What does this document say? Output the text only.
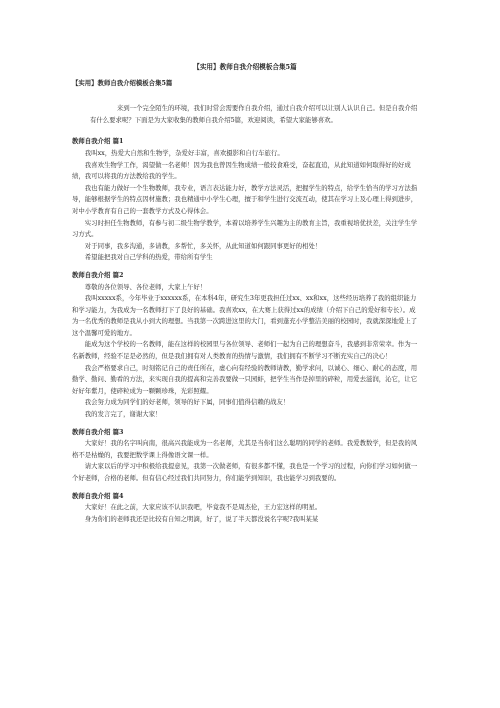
【实用】教师自我介绍模板合集5篇

【实用】教师自我介绍模板合集5篇

来到一个完全陌生的环境，我们时常会需要作自我介绍，通过自我介绍可以让别人认识自己。但是自我介绍有什么要求呢？下面是为大家收集的教师自我介绍5篇，欢迎阅读，希望大家能够喜欢。

教师自我介绍 篇1

我叫xx，热爱大自然和生物学，杂爱好丰富，喜欢摄影和自行车旅行。

我喜欢生物学工作，渴望做一名老师！因为我也曾因生物成绩一般较食难受，奋起直追，从此知道如何取得好的好成绩，我可以将我的方法教给我的学生。

我也有能力做好一个生物教师，我专业，语言表达能力好，教学方法灵活，把握学生的特点，给学生恰当的学习方法指导，能够根据学生的特点因材施教；我也精通中小学生心理，擅于和学生进行交流互动，使其在学习上及心理上得到进步，对中小学教育有自己的一套教学方式及心得体会。

实习时担任生物教师，有参与初二级生物学教学，本着以培养学生兴趣为主的教育主旨，我重视培优扶差，关注学生学习方式。

对于同事，我多沟通，多请教，多帮忙，多关怀，从此知道如何跟同事更好的相处！

希望能把我对自己学科的热爱，带给所有学生

教师自我介绍 篇2

尊敬的各位领导、各位老师，大家上午好！

我叫xxxxx系，今年毕业于xxxxxx系，在本科4年，研究生3年更我担任过xx、xx和xx，这些经历培养了我的组织能力和学习能力，为我成为一名教师打下了良好的基础。我喜欢xx，在大赛上获得过xx的成绩（介绍下自己的爱好和专长）。成为一名优秀的教师是我从小到大的理想。当我第一次跨进这里的大门，看到蓬充小学整洁美丽的校园时，我就深深地爱上了这个温馨可爱的地方。

能成为这个学校的一名教师，能在这样的校园里与各位领导、老师们一起为自己的理想奋斗，我感到非常荣幸。作为一名新教师，经验不足是必然的，但是我们拥有对人类教育的热情与激情，我们拥有不断学习不断充实自己的决心！

我会严格要求自己，时刻铭记自己的责任所在，虚心向有经验的教师请教，勤学求问，以诚心、细心、耐心的态度，用勤学、勤问、勤看的方法，来实现自我的提高和完善我要做一只园蚌，把学生当作是掉里的碎粒，用爱去滋润，沁它，让它好好年紫月，使碎粒成为一颗颗珍珠，光彩照耀。

我会努力成为同学们的好老师，领导的好下属，同事们值得信赖的战友！

我的发言完了，谢谢大家！

教师自我介绍 篇3

大家好！我的名字叫向南，很高兴我能成为一名老师，尤其是当你们这么聪明的同学的老师。我爱教数学，但是我的风格不是枯燥的，我要把数学课上得像语文课一样。

请大家以后的学习中积极给我提意见，我第一次做老师，有很多都不懂，我也是一个学习的过程，向你们学习如何做一个好老师，合格的老师。但有信心经过我们共同努力，你们能学到知识，我也能学习到我要的。

教师自我介绍 篇4

大家好！在此之前，大家应该不认识我吧，毕竟我不是周杰伦，王力宏这样的明星。

身为你们的老师我还是比较有自知之明滴，好了，说了半天都没说名字呢?我叫某某
